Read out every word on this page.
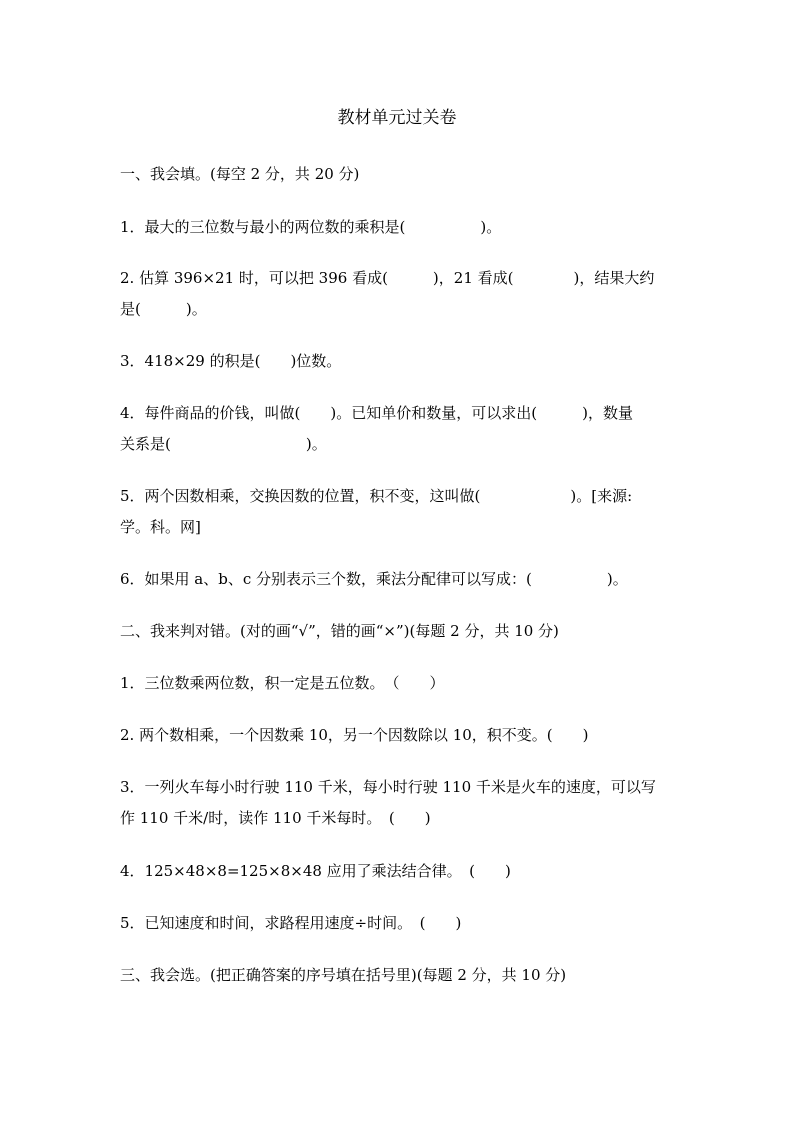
教材单元过关卷
一、我会填。(每空 2 分，共 20 分)
1．最大的三位数与最小的两位数的乘积是(　　　　　)。
2. 估算 396×21 时，可以把 396 看成(　　　)，21 看成(　　　　)，结果大约
是(　　　)。
3．418×29 的积是(　　)位数。
4．每件商品的价钱，叫做(　　)。已知单价和数量，可以求出(　　　)，数量
关系是(　　　　　　　　　)。
5．两个因数相乘，交换因数的位置，积不变，这叫做(　　　　　　)。[来源:
学。科。网]
6．如果用 a、b、c 分别表示三个数，乘法分配律可以写成：(　　　　　)。
二、我来判对错。(对的画“√”，错的画“×”)(每题 2 分，共 10 分)
1．三位数乘两位数，积一定是五位数。　（　　）
2. 两个数相乘，一个因数乘 10，另一个因数除以 10，积不变。(　　)
3．一列火车每小时行驶 110 千米，每小时行驶 110 千米是火车的速度，可以写
作 110 千米/时，读作 110 千米每时。　(　　)
4．125×48×8=125×8×48 应用了乘法结合律。　(　　)
5．已知速度和时间，求路程用速度÷时间。　(　　)
三、我会选。(把正确答案的序号填在括号里)(每题 2 分，共 10 分)
